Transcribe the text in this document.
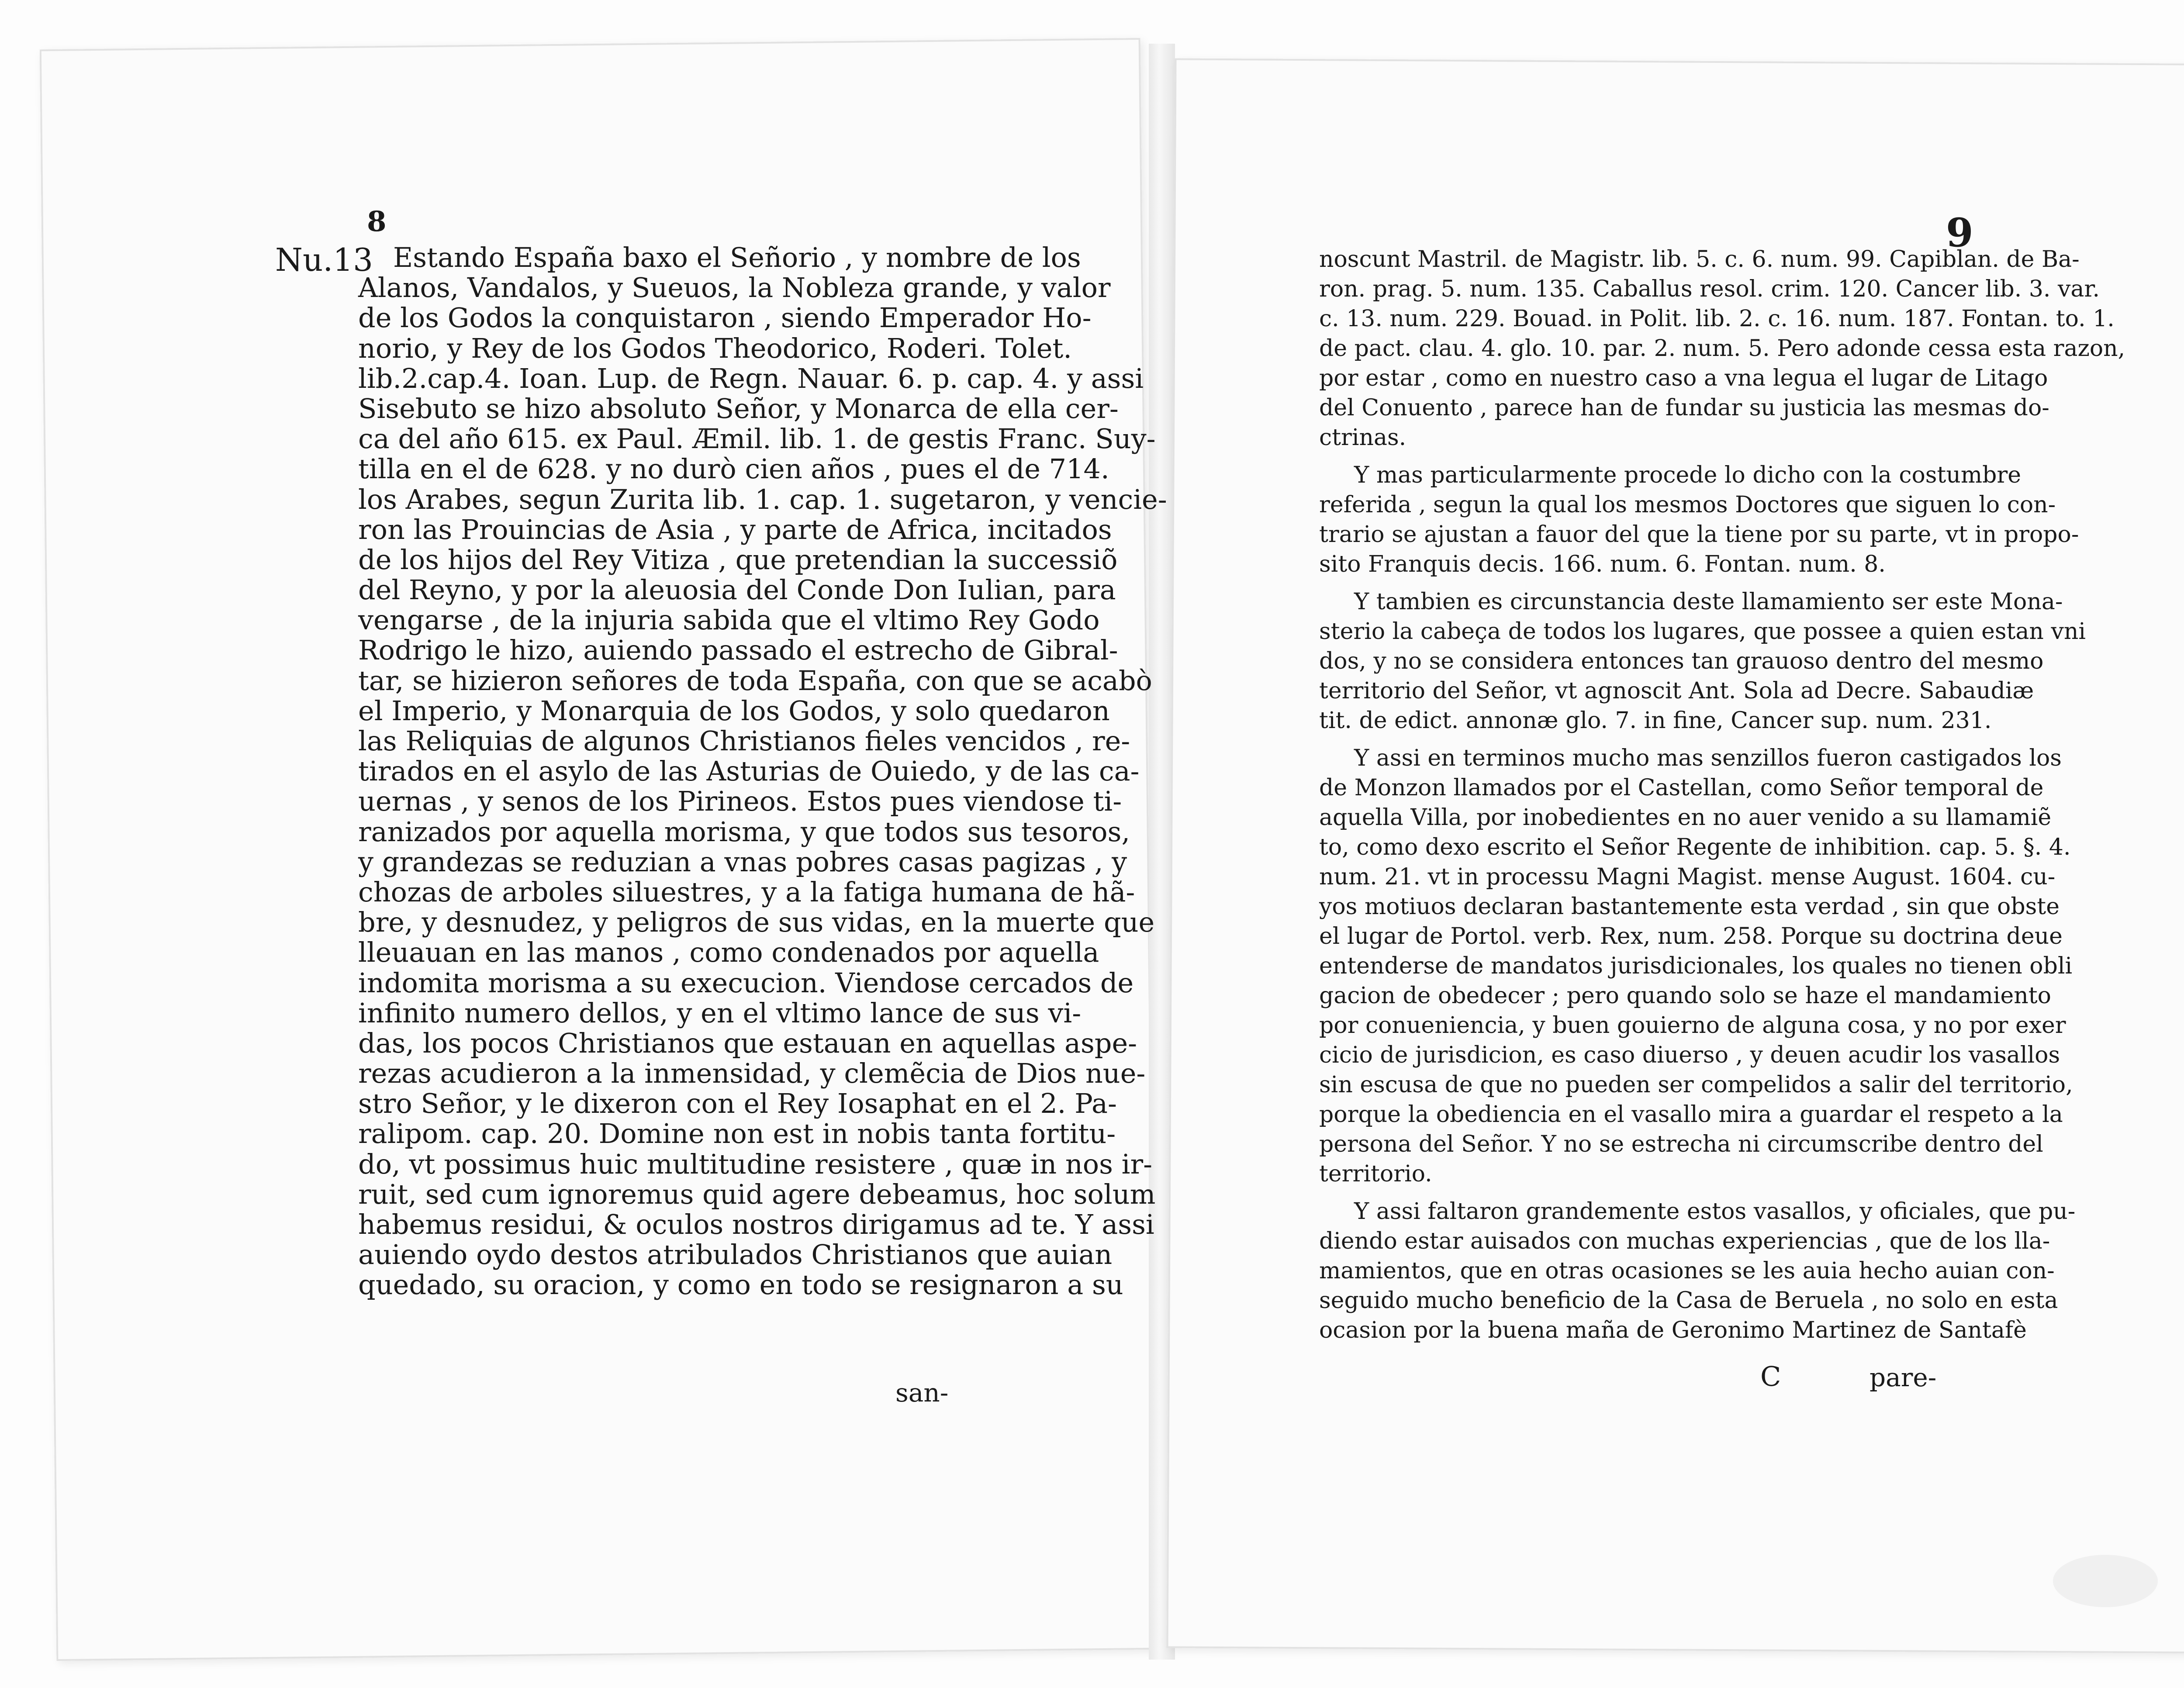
8
Nu.13 Estando España baxo el Señorio , y nombre de los
Alanos, Vandalos, y Sueuos, la Nobleza grande, y valor
de los Godos la conquistaron , siendo Emperador Ho-
norio, y Rey de los Godos Theodorico, Roderi. Tolet.
lib.2.cap.4. Ioan. Lup. de Regn. Nauar. 6. p. cap. 4. y assi
Sisebuto se hizo absoluto Señor, y Monarca de ella cer-
ca del año 615. ex Paul. Æmil. lib. 1. de gestis Franc. Suy-
tilla en el de 628. y no durò cien años , pues el de 714.
los Arabes, segun Zurita lib. 1. cap. 1. sugetaron, y vencie-
ron las Prouincias de Asia , y parte de Africa, incitados
de los hijos del Rey Vitiza , que pretendian la successiõ
del Reyno, y por la aleuosia del Conde Don Iulian, para
vengarse , de la injuria sabida que el vltimo Rey Godo
Rodrigo le hizo, auiendo passado el estrecho de Gibral-
tar, se hizieron señores de toda España, con que se acabò
el Imperio, y Monarquia de los Godos, y solo quedaron
las Reliquias de algunos Christianos fieles vencidos , re-
tirados en el asylo de las Asturias de Ouiedo, y de las ca-
uernas , y senos de los Pirineos. Estos pues viendose ti-
ranizados por aquella morisma, y que todos sus tesoros,
y grandezas se reduzian a vnas pobres casas pagizas , y
chozas de arboles siluestres, y a la fatiga humana de hã-
bre, y desnudez, y peligros de sus vidas, en la muerte que
lleuauan en las manos , como condenados por aquella
indomita morisma a su execucion. Viendose cercados de
infinito numero dellos, y en el vltimo lance de sus vi-
das, los pocos Christianos que estauan en aquellas aspe-
rezas acudieron a la inmensidad, y clemẽcia de Dios nue-
stro Señor, y le dixeron con el Rey Iosaphat en el 2. Pa-
ralipom. cap. 20. Domine non est in nobis tanta fortitu-
do, vt possimus huic multitudine resistere , quæ in nos ir-
ruit, sed cum ignoremus quid agere debeamus, hoc solum
habemus residui, & oculos nostros dirigamus ad te. Y assi
auiendo oydo destos atribulados Christianos que auian
quedado, su oracion, y como en todo se resignaron a su
san-
9
noscunt Mastril. de Magistr. lib. 5. c. 6. num. 99. Capiblan. de Ba-
ron. prag. 5. num. 135. Caballus resol. crim. 120. Cancer lib. 3. var.
c. 13. num. 229. Bouad. in Polit. lib. 2. c. 16. num. 187. Fontan. to. 1.
de pact. clau. 4. glo. 10. par. 2. num. 5. Pero adonde cessa esta razon,
por estar , como en nuestro caso a vna legua el lugar de Litago
del Conuento , parece han de fundar su justicia las mesmas do-
ctrinas.
Y mas particularmente procede lo dicho con la costumbre
referida , segun la qual los mesmos Doctores que siguen lo con-
trario se ajustan a fauor del que la tiene por su parte, vt in propo-
sito Franquis decis. 166. num. 6. Fontan. num. 8.
Y tambien es circunstancia deste llamamiento ser este Mona-
sterio la cabeça de todos los lugares, que possee a quien estan vni
dos, y no se considera entonces tan grauoso dentro del mesmo
territorio del Señor, vt agnoscit Ant. Sola ad Decre. Sabaudiæ
tit. de edict. annonæ glo. 7. in fine, Cancer sup. num. 231.
Y assi en terminos mucho mas senzillos fueron castigados los
de Monzon llamados por el Castellan, como Señor temporal de
aquella Villa, por inobedientes en no auer venido a su llamamiẽ
to, como dexo escrito el Señor Regente de inhibition. cap. 5. §. 4.
num. 21. vt in processu Magni Magist. mense August. 1604. cu-
yos motiuos declaran bastantemente esta verdad , sin que obste
el lugar de Portol. verb. Rex, num. 258. Porque su doctrina deue
entenderse de mandatos jurisdicionales, los quales no tienen obli
gacion de obedecer ; pero quando solo se haze el mandamiento
por conueniencia, y buen gouierno de alguna cosa, y no por exer
cicio de jurisdicion, es caso diuerso , y deuen acudir los vasallos
sin escusa de que no pueden ser compelidos a salir del territorio,
porque la obediencia en el vasallo mira a guardar el respeto a la
persona del Señor. Y no se estrecha ni circumscribe dentro del
territorio.
Y assi faltaron grandemente estos vasallos, y oficiales, que pu-
diendo estar auisados con muchas experiencias , que de los lla-
mamientos, que en otras ocasiones se les auia hecho auian con-
seguido mucho beneficio de la Casa de Beruela , no solo en esta
ocasion por la buena maña de Geronimo Martinez de Santafè
C	pare-
